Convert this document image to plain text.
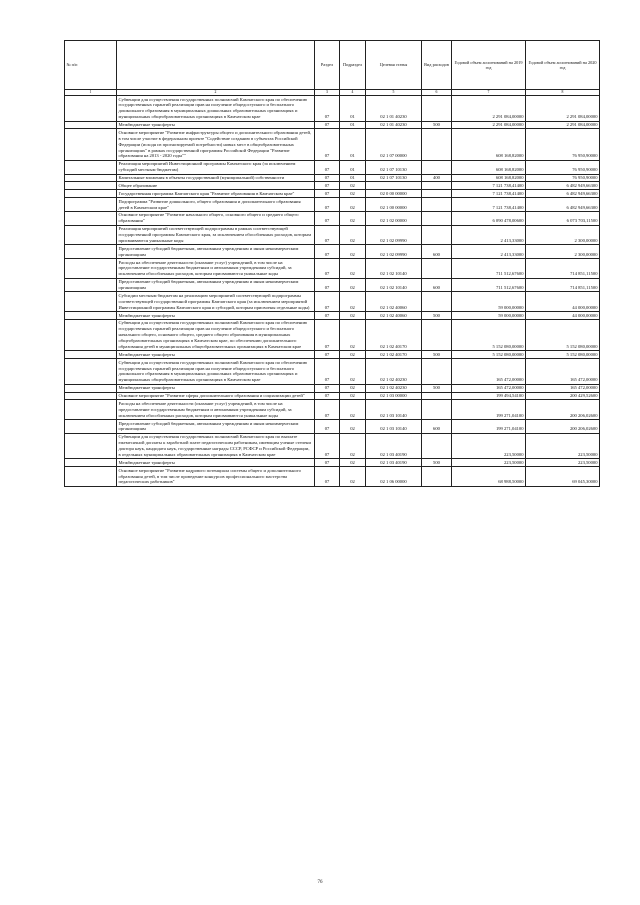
№ п/п		Раздел	Подраздел	Целевая статья	Вид расходов	Годовой объем ассигнований на 2019 год	Годовой объем ассигнований на 2020 год
1	2	3	4	5	6	7	8
	Субвенции для осуществления государственных полномочий Камчатского края по обеспечению государственных гарантий реализации прав на получение общедоступного и бесплатного дошкольного образования в муниципальных дошкольных образовательных организациях и муниципальных общеобразовательных организациях в Камчатском крае	07	01	02 1 01 40230		2 291 084,00000	2 291 084,00000
	Межбюджетные трансферты	07	01	02 1 01 40230	500	2 291 084,00000	2 291 084,00000
	Основное мероприятие "Развитие инфраструктуры общего и дополнительного образования детей, в том числе участие в федеральном проекте "Содействие созданию в субъектах Российской Федерации (исходя из прогнозируемой потребности) новых мест в общеобразовательных организациях" в рамках государственной программы Российской Федерации "Развитие образования на 2013 - 2020 годы""	07	01	02 1 07 00000		608 168,82000	76 950,90000
	Реализация мероприятий Инвестиционной программы Камчатского края (за исключением субсидий местным бюджетам)	07	01	02 1 07 10130		608 168,82000	76 950,90000
	Капитальные вложения в объекты государственной (муниципальной) собственности	07	01	02 1 07 10130	400	608 168,82000	76 950,90000
	Общее образование	07	02			7 121 738,41400	6 482 949,66300
	Государственная программа Камчатского края "Развитие образования в Камчатском крае"	07	02	02 0 00 00000		7 121 738,41400	6 482 949,66300
	Подпрограмма "Развитие дошкольного, общего образования и дополнительного образования детей в Камчатском крае"	07	02	02 1 00 00000		7 121 738,41400	6 482 949,66300
	Основное мероприятие "Развитие начального общего, основного общего и среднего общего образования"	07	02	02 1 02 00000		6 090 478,00600	6 073 703,11500
	Реализация мероприятий соответствующей подпрограммы в рамках соответствующей государственной программы Камчатского края, за исключением обособленных расходов, которым присваиваются уникальные коды	07	02	02 1 02 09990		2 413,33000	2 300,00000
	Предоставление субсидий бюджетным, автономным учреждениям и иным некоммерческим организациям	07	02	02 1 02 09990	600	2 413,33000	2 300,00000
	Расходы на обеспечение деятельности (оказание услуг) учреждений, в том числе на предоставление государственным бюджетным и автономным учреждениям субсидий, за исключением обособленных расходов, которым присваиваются уникальные коды	07	02	02 1 02 10140		711 512,67600	714 851,11500
	Предоставление субсидий бюджетным, автономным учреждениям и иным некоммерческим организациям	07	02	02 1 02 10140	600	711 512,67600	714 851,11500
	Субсидии местным бюджетам на реализацию мероприятий соответствующей подпрограммы соответствующей государственной программы Камчатского края (за исключением мероприятий Инвестиционной программы Камчатского края и субсидий, которым присвоены отдельные коды)	07	02	02 1 02 40060		59 000,00000	44 000,00000
	Межбюджетные трансферты	07	02	02 1 02 40060	500	59 000,00000	44 000,00000
	Субвенции для осуществления государственных полномочий Камчатского края по обеспечению государственных гарантий реализации прав на получение общедоступного и бесплатного начального общего, основного общего, среднего общего образования в муниципальных общеобразовательных организациях в Камчатском крае, по обеспечению дополнительного образования детей в муниципальных общеобразовательных организациях в Камчатском крае	07	02	02 1 02 40170		5 152 080,00000	5 152 080,00000
	Межбюджетные трансферты	07	02	02 1 02 40170	500	5 152 080,00000	5 152 080,00000
	Субвенции для осуществления государственных полномочий Камчатского края по обеспечению государственных гарантий реализации прав на получение общедоступного и бесплатного дошкольного образования в муниципальных дошкольных образовательных организациях и муниципальных общеобразовательных организациях в Камчатском крае	07	02	02 1 02 40230		165 472,00000	165 472,00000
	Межбюджетные трансферты	07	02	02 1 02 40230	500	165 472,00000	165 472,00000
	Основное мероприятие "Развитие сферы дополнительного образования и социализации детей"	07	02	02 1 03 00000		199 494,54100	200 429,52600
	Расходы на обеспечение деятельности (оказание услуг) учреждений, в том числе на предоставление государственным бюджетным и автономным учреждениям субсидий, за исключением обособленных расходов, которым присваиваются уникальные коды	07	02	02 1 03 10140		199 271,04100	200 206,02600
	Предоставление субсидий бюджетным, автономным учреждениям и иным некоммерческим организациям	07	02	02 1 03 10140	600	199 271,04100	200 206,02600
	Субвенции для осуществления государственных полномочий Камчатского края по выплате ежемесячной доплаты к заработной плате педагогическим работникам, имеющим ученые степени доктора наук, кандидата наук, государственные награды СССР, РСФСР и Российской Федерации, в отдельных муниципальных образовательных организациях в Камчатском крае	07	02	02 1 03 40190		223,50000	223,50000
	Межбюджетные трансферты	07	02	02 1 03 40190	500	223,50000	223,50000
	Основное мероприятие "Развитие кадрового потенциала системы общего и дополнительного образования детей, в том числе проведение конкурсов профессионального мастерства педагогических работников"	07	02	02 1 06 00000		68 988,50000	69 045,30000
76
